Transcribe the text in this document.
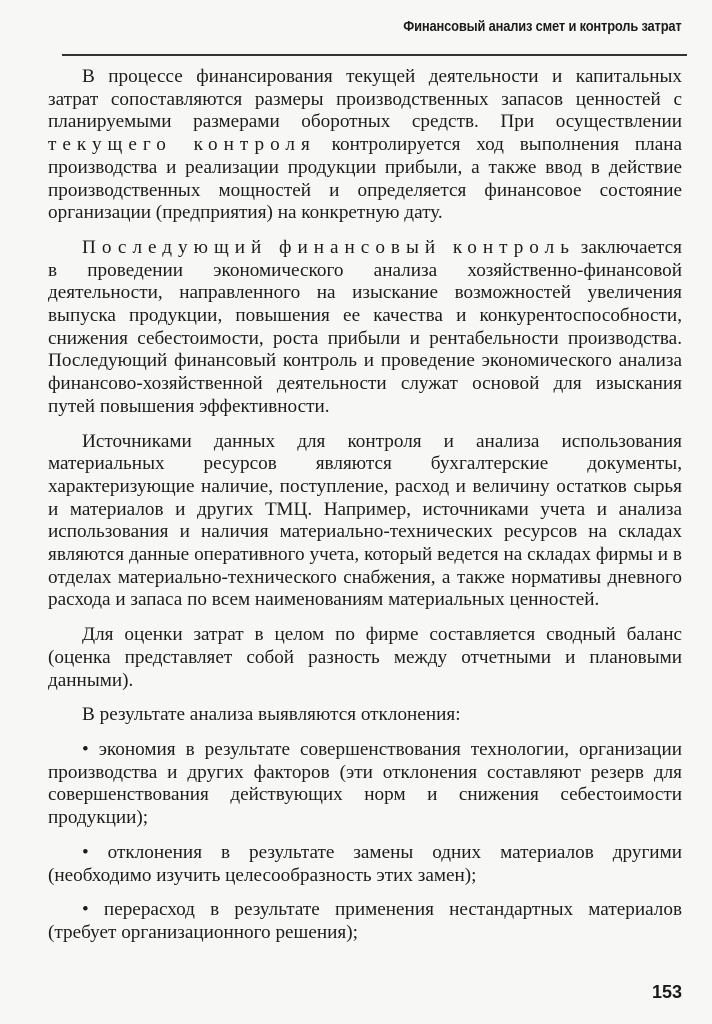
Финансовый анализ смет и контроль затрат

В процессе финансирования текущей деятельности и капитальных затрат сопоставляются размеры производственных запасов ценностей с планируемыми размерами оборотных средств. При осуществлении текущего контроля контролируется ход выполнения плана производства и реализации продукции прибыли, а также ввод в действие производственных мощностей и определяется финансовое состояние организации (предприятия) на конкретную дату.

Последующий финансовый контроль заключается в проведении экономического анализа хозяйственно-финансовой деятельности, направленного на изыскание возможностей увеличения выпуска продукции, повышения ее качества и конкурентоспособности, снижения себестоимости, роста прибыли и рентабельности производства. Последующий финансовый контроль и проведение экономического анализа финансово-хозяйственной деятельности служат основой для изыскания путей повышения эффективности.

Источниками данных для контроля и анализа использования материальных ресурсов являются бухгалтерские документы, характеризующие наличие, поступление, расход и величину остатков сырья и материалов и других ТМЦ. Например, источниками учета и анализа использования и наличия материально-технических ресурсов на складах являются данные оперативного учета, который ведется на складах фирмы и в отделах материально-технического снабжения, а также нормативы дневного расхода и запаса по всем наименованиям материальных ценностей.

Для оценки затрат в целом по фирме составляется сводный баланс (оценка представляет собой разность между отчетными и плановыми данными).

В результате анализа выявляются отклонения:

• экономия в результате совершенствования технологии, организации производства и других факторов (эти отклонения составляют резерв для совершенствования действующих норм и снижения себестоимости продукции);

• отклонения в результате замены одних материалов другими (необходимо изучить целесообразность этих замен);

• перерасход в результате применения нестандартных материалов (требует организационного решения);

153
